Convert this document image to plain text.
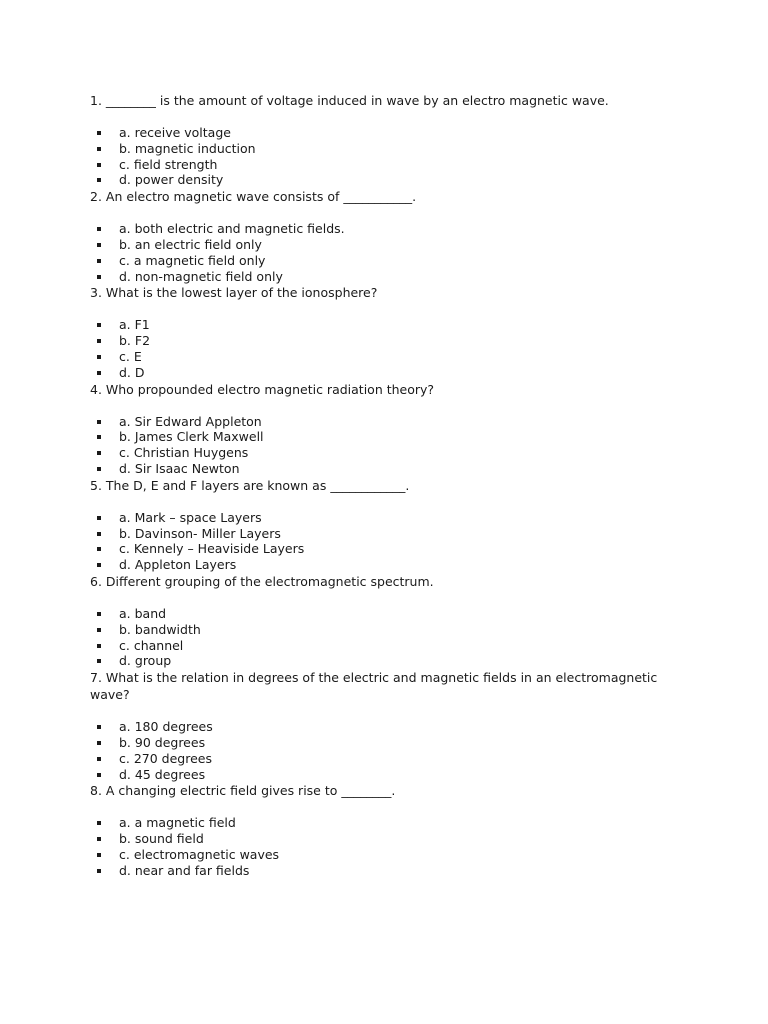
1. ________ is the amount of voltage induced in wave by an electro magnetic wave.

a. receive voltage
b. magnetic induction
c. field strength
d. power density

2. An electro magnetic wave consists of ___________.

a. both electric and magnetic fields.
b. an electric field only
c. a magnetic field only
d. non-magnetic field only

3. What is the lowest layer of the ionosphere?

a. F1
b. F2
c. E
d. D

4. Who propounded electro magnetic radiation theory?

a. Sir Edward Appleton
b. James Clerk Maxwell
c. Christian Huygens
d. Sir Isaac Newton

5. The D, E and F layers are known as ____________.

a. Mark – space Layers
b. Davinson- Miller Layers
c. Kennely – Heaviside Layers
d. Appleton Layers

6. Different grouping of the electromagnetic spectrum.

a. band
b. bandwidth
c. channel
d. group

7. What is the relation in degrees of the electric and magnetic fields in an electromagnetic wave?

a. 180 degrees
b. 90 degrees
c. 270 degrees
d. 45 degrees

8. A changing electric field gives rise to ________.

a. a magnetic field
b. sound field
c. electromagnetic waves
d. near and far fields
